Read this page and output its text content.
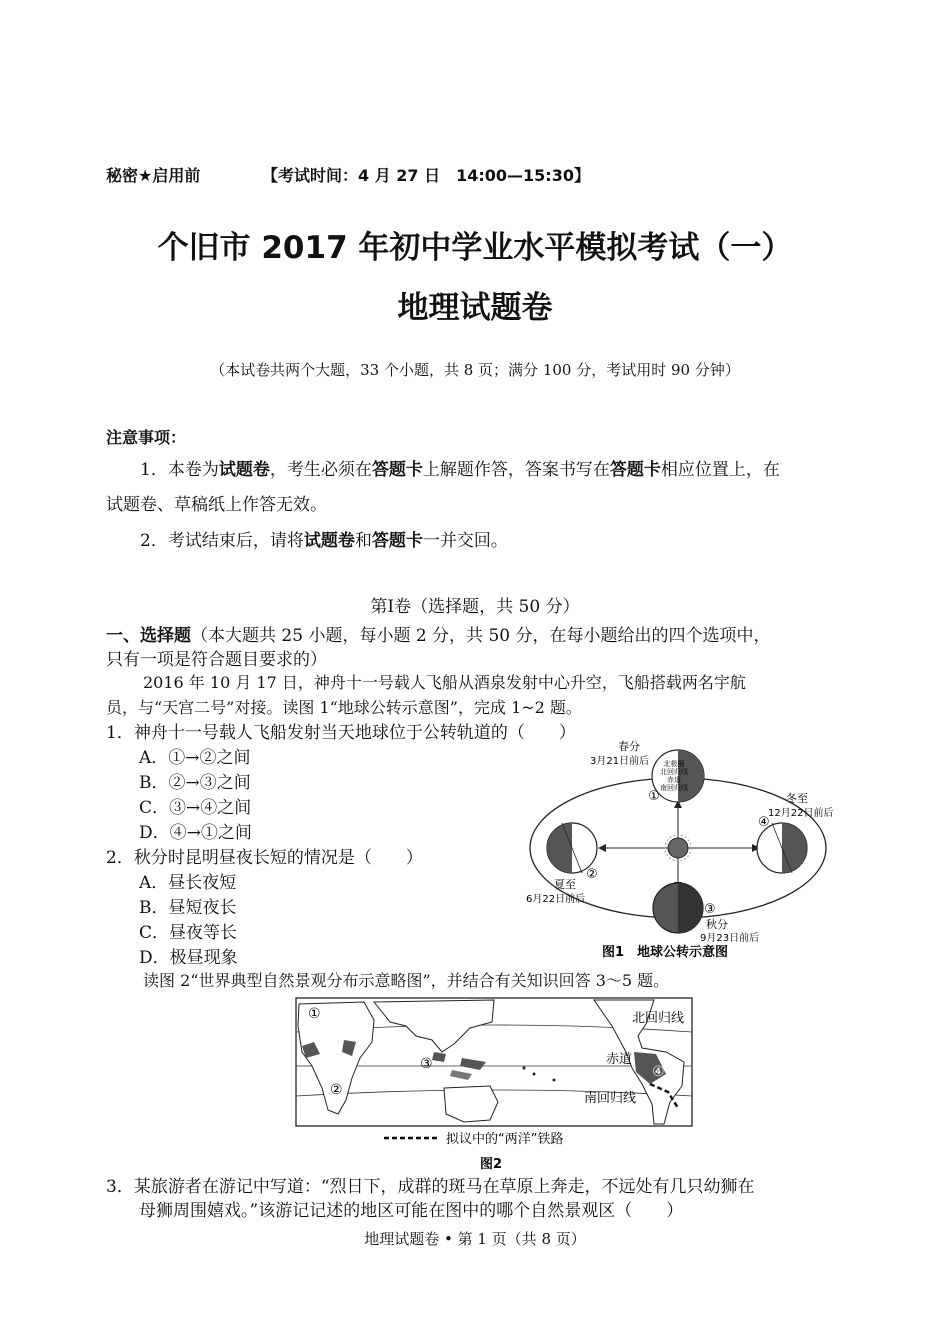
秘密★启用前	【考试时间：4 月 27 日　14:00—15:30】
个旧市 2017 年初中学业水平模拟考试（一）
地理试题卷
（本试卷共两个大题，33 个小题，共 8 页；满分 100 分，考试用时 90 分钟）
注意事项：
1．本卷为试题卷，考生必须在答题卡上解题作答，答案书写在答题卡相应位置上，在
试题卷、草稿纸上作答无效。
2．考试结束后，请将试题卷和答题卡一并交回。
第Ⅰ卷（选择题，共 50 分）
一、选择题（本大题共 25 小题，每小题 2 分，共 50 分，在每小题给出的四个选项中，
只有一项是符合题目要求的）
2016 年 10 月 17 日，神舟十一号载人飞船从酒泉发射中心升空，飞船搭载两名宇航
员，与“天宫二号”对接。读图 1“地球公转示意图”，完成 1~2 题。
1．神舟十一号载人飞船发射当天地球位于公转轨道的（　　）
A．①→②之间
B．②→③之间
C．③→④之间
D．④→①之间
2．秋分时昆明昼夜长短的情况是（　　）
A．昼长夜短
B．昼短夜长
C．昼夜等长
D．极昼现象
北极圈
北回归线
赤道
南回归线
①
②
③
④
春分
3月21日前后
冬至
12月22日前后
夏至
6月22日前后
秋分
9月23日前后
图1　地球公转示意图
读图 2“世界典型自然景观分布示意略图”，并结合有关知识回答 3～5 题。
①
②
③	④
北回归线
赤道
南回归线
拟议中的“两洋”铁路
图2
3．某旅游者在游记中写道：“烈日下，成群的斑马在草原上奔走，不远处有几只幼狮在
母狮周围嬉戏。”该游记记述的地区可能在图中的哪个自然景观区（　　）
地理试题卷 • 第 1 页（共 8 页）
